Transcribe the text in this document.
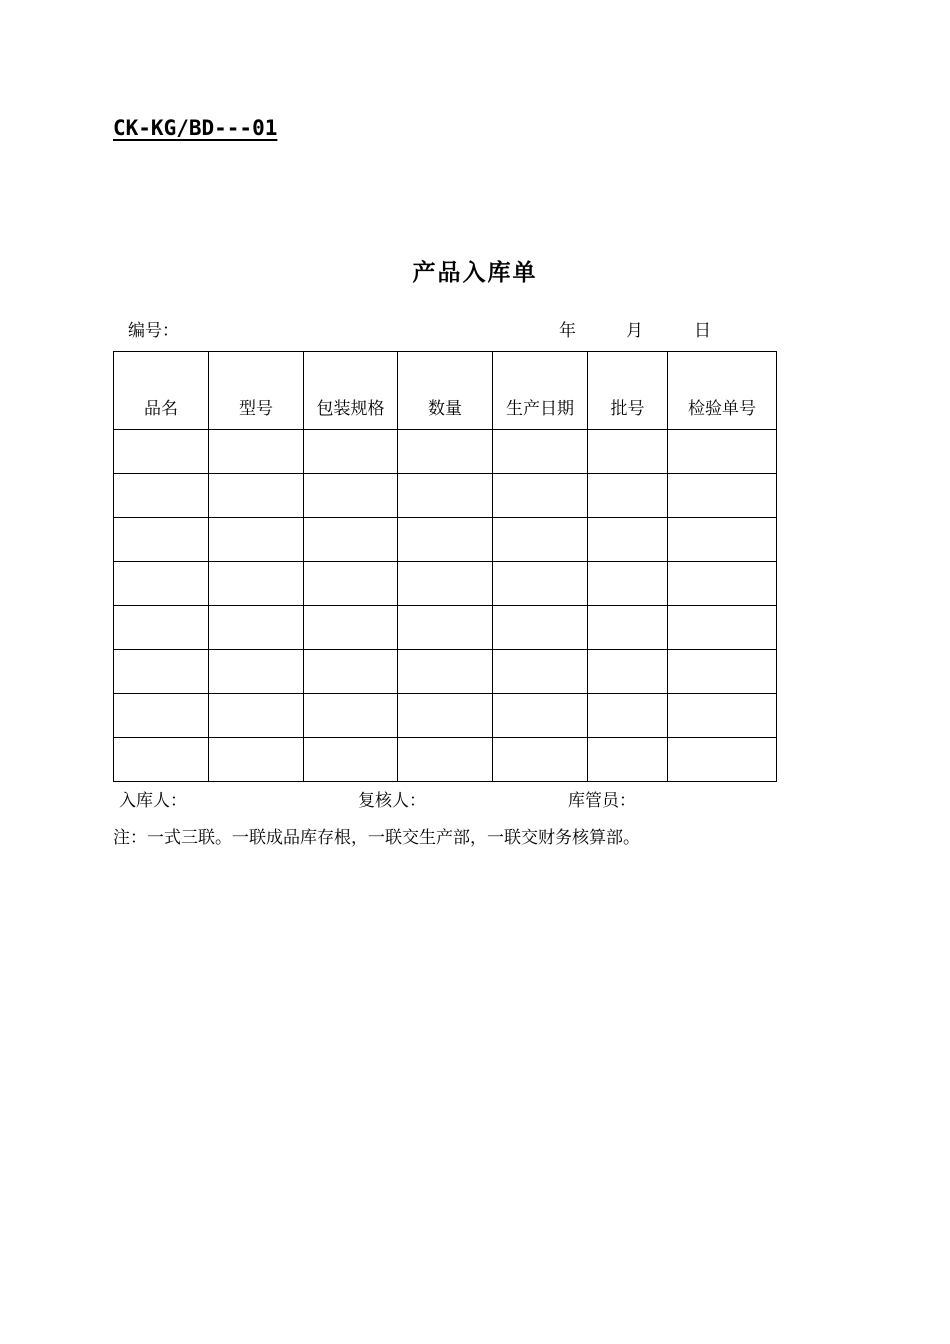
CK-KG/BD---01
产品入库单
编号：	年	月	日
品名	型号	包装规格	数量	生产日期	批号	检验单号

入库人：	复核人：	库管员：
注：一式三联。一联成品库存根，一联交生产部，一联交财务核算部。
